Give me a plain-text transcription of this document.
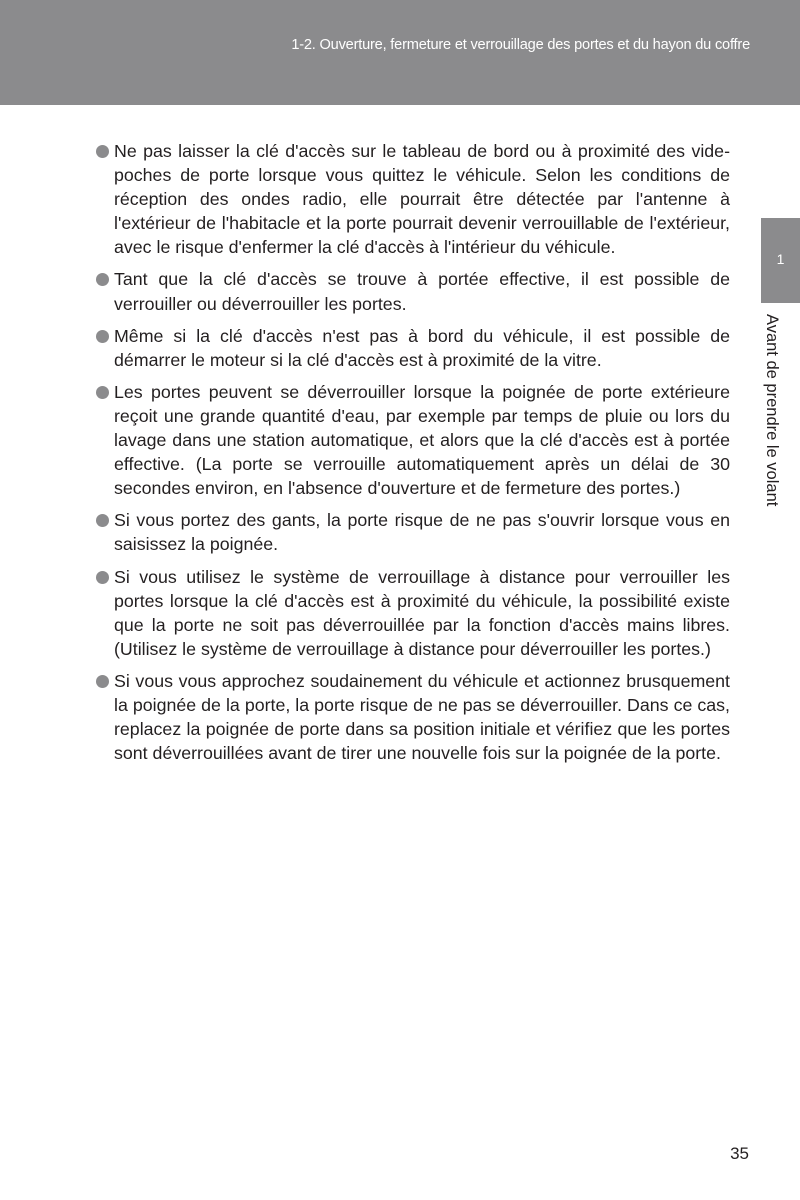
1-2. Ouverture, fermeture et verrouillage des portes et du hayon du coffre
1
Avant de prendre le volant
Ne pas laisser la clé d'accès sur le tableau de bord ou à proximité des vide-poches de porte lorsque vous quittez le véhicule. Selon les conditions de réception des ondes radio, elle pourrait être détectée par l'antenne à l'extérieur de l'habitacle et la porte pourrait devenir verrouillable de l'extérieur, avec le risque d'enfermer la clé d'accès à l'intérieur du véhicule.
Tant que la clé d'accès se trouve à portée effective, il est possible de verrouiller ou déverrouiller les portes.
Même si la clé d'accès n'est pas à bord du véhicule, il est possible de démarrer le moteur si la clé d'accès est à proximité de la vitre.
Les portes peuvent se déverrouiller lorsque la poignée de porte extérieure reçoit une grande quantité d'eau, par exemple par temps de pluie ou lors du lavage dans une station automatique, et alors que la clé d'accès est à portée effective. (La porte se verrouille automatiquement après un délai de 30 secondes environ, en l'absence d'ouverture et de fermeture des portes.)
Si vous portez des gants, la porte risque de ne pas s'ouvrir lorsque vous en saisissez la poignée.
Si vous utilisez le système de verrouillage à distance pour verrouiller les portes lorsque la clé d'accès est à proximité du véhicule, la possibilité existe que la porte ne soit pas déverrouillée par la fonction d'accès mains libres. (Utilisez le système de verrouillage à distance pour déverrouiller les portes.)
Si vous vous approchez soudainement du véhicule et actionnez brusquement la poignée de la porte, la porte risque de ne pas se déverrouiller. Dans ce cas, replacez la poignée de porte dans sa position initiale et vérifiez que les portes sont déverrouillées avant de tirer une nouvelle fois sur la poignée de la porte.
35
